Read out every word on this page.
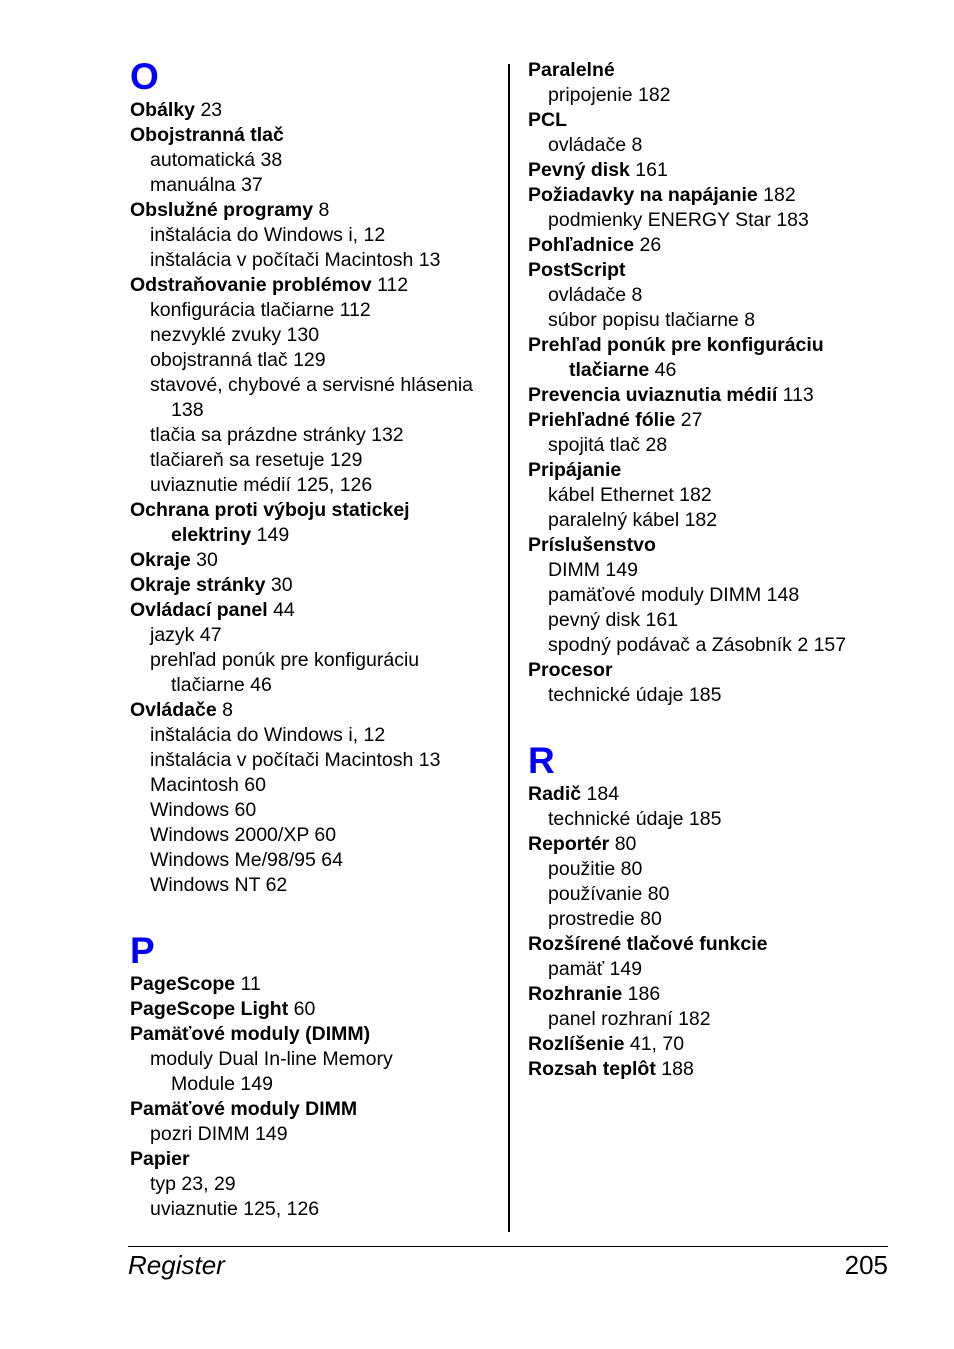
O
Obálky 23
Obojstranná tlač
automatická 38
manuálna 37
Obslužné programy 8
inštalácia do Windows i, 12
inštalácia v počítači Macintosh 13
Odstraňovanie problémov 112
konfigurácia tlačiarne 112
nezvyklé zvuky 130
obojstranná tlač 129
stavové, chybové a servisné hlásenia
138
tlačia sa prázdne stránky 132
tlačiareň sa resetuje 129
uviaznutie médií 125, 126
Ochrana proti výboju statickej
elektriny 149
Okraje 30
Okraje stránky 30
Ovládací panel 44
jazyk 47
prehľad ponúk pre konfiguráciu
tlačiarne 46
Ovládače 8
inštalácia do Windows i, 12
inštalácia v počítači Macintosh 13
Macintosh 60
Windows 60
Windows 2000/XP 60
Windows Me/98/95 64
Windows NT 62
P
PageScope 11
PageScope Light 60
Pamäťové moduly (DIMM)
moduly Dual In-line Memory
Module 149
Pamäťové moduly DIMM
pozri DIMM 149
Papier
typ 23, 29
uviaznutie 125, 126
Paralelné
pripojenie 182
PCL
ovládače 8
Pevný disk 161
Požiadavky na napájanie 182
podmienky ENERGY Star 183
Pohľadnice 26
PostScript
ovládače 8
súbor popisu tlačiarne 8
Prehľad ponúk pre konfiguráciu
tlačiarne 46
Prevencia uviaznutia médií 113
Priehľadné fólie 27
spojitá tlač 28
Pripájanie
kábel Ethernet 182
paralelný kábel 182
Príslušenstvo
DIMM 149
pamäťové moduly DIMM 148
pevný disk 161
spodný podávač a Zásobník 2 157
Procesor
technické údaje 185
R
Radič 184
technické údaje 185
Reportér 80
použitie 80
používanie 80
prostredie 80
Rozšírené tlačové funkcie
pamäť 149
Rozhranie 186
panel rozhraní 182
Rozlíšenie 41, 70
Rozsah teplôt 188
Register	205
